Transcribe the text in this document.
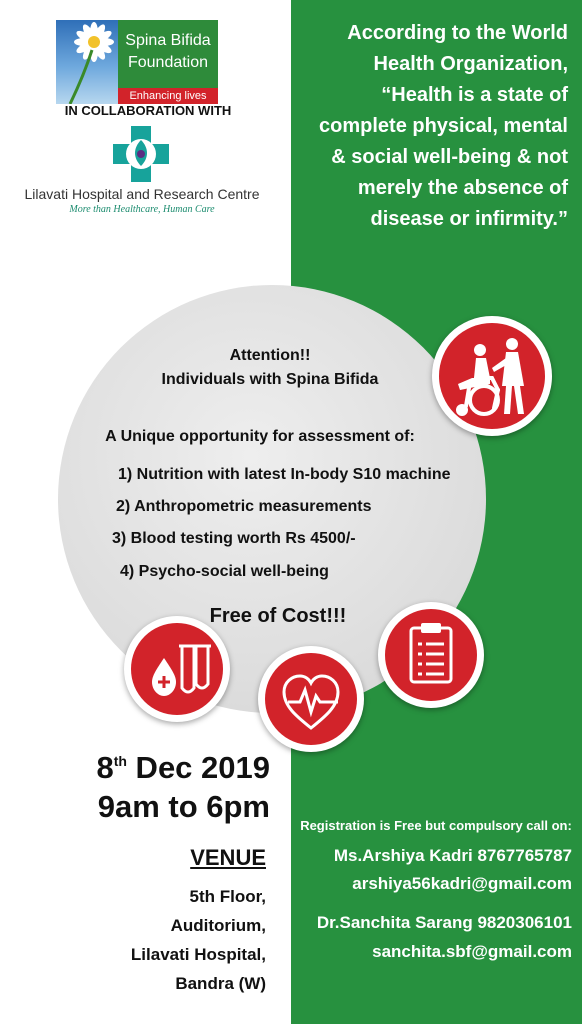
Spina Bifida Foundation
Enhancing lives
IN COLLABORATION WITH
Lilavati Hospital and Research Centre
More than Healthcare, Human Care
According to the World Health Organization, “Health is a state of complete physical, mental & social well-being & not merely the absence of disease or infirmity.”
Attention!!
Individuals with Spina Bifida
A Unique opportunity for assessment of:
1) Nutrition with latest In-body S10 machine
2) Anthropometric measurements
3) Blood testing worth Rs 4500/-
4) Psycho-social well-being
Free of Cost!!!
8th Dec 2019
9am to 6pm
VENUE
5th Floor,
Auditorium,
Lilavati Hospital,
Bandra (W)
Registration is Free but compulsory call on:
Ms.Arshiya Kadri 8767765787
arshiya56kadri@gmail.com
Dr.Sanchita Sarang 9820306101
sanchita.sbf@gmail.com
